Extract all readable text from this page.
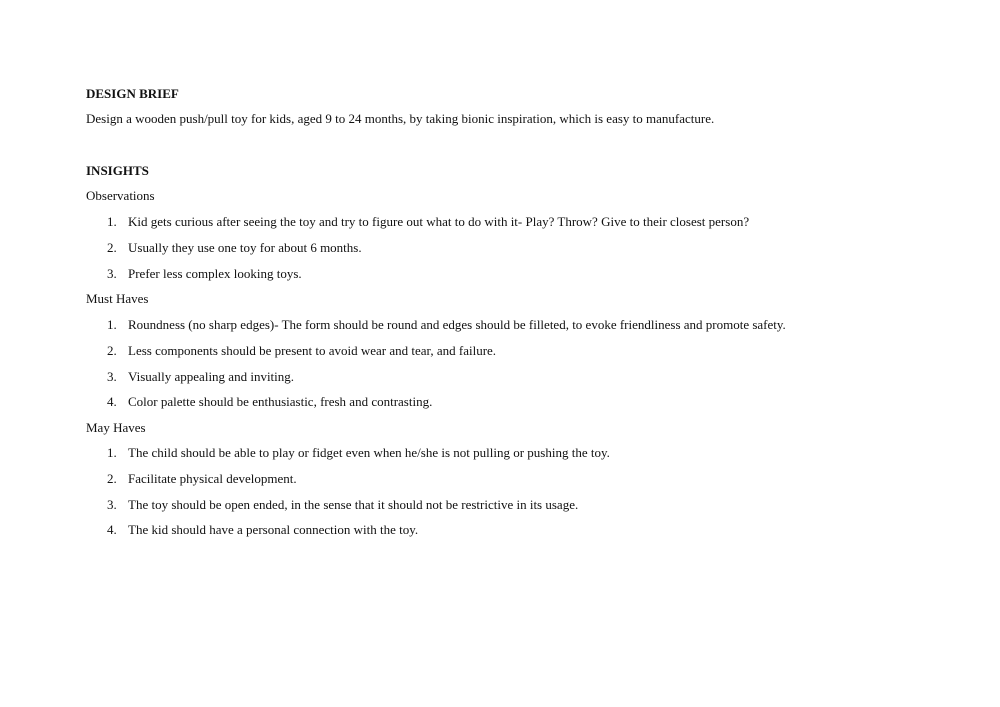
DESIGN BRIEF
Design a wooden push/pull toy for kids, aged 9 to 24 months, by taking bionic inspiration, which is easy to manufacture.
INSIGHTS
Observations
1. Kid gets curious after seeing the toy and try to figure out what to do with it- Play? Throw? Give to their closest person?
2. Usually they use one toy for about 6 months.
3. Prefer less complex looking toys.
Must Haves
1. Roundness (no sharp edges)- The form should be round and edges should be filleted, to evoke friendliness and promote safety.
2. Less components should be present to avoid wear and tear, and failure.
3. Visually appealing and inviting.
4. Color palette should be enthusiastic, fresh and contrasting.
May Haves
1. The child should be able to play or fidget even when he/she is not pulling or pushing the toy.
2. Facilitate physical development.
3. The toy should be open ended, in the sense that it should not be restrictive in its usage.
4. The kid should have a personal connection with the toy.
